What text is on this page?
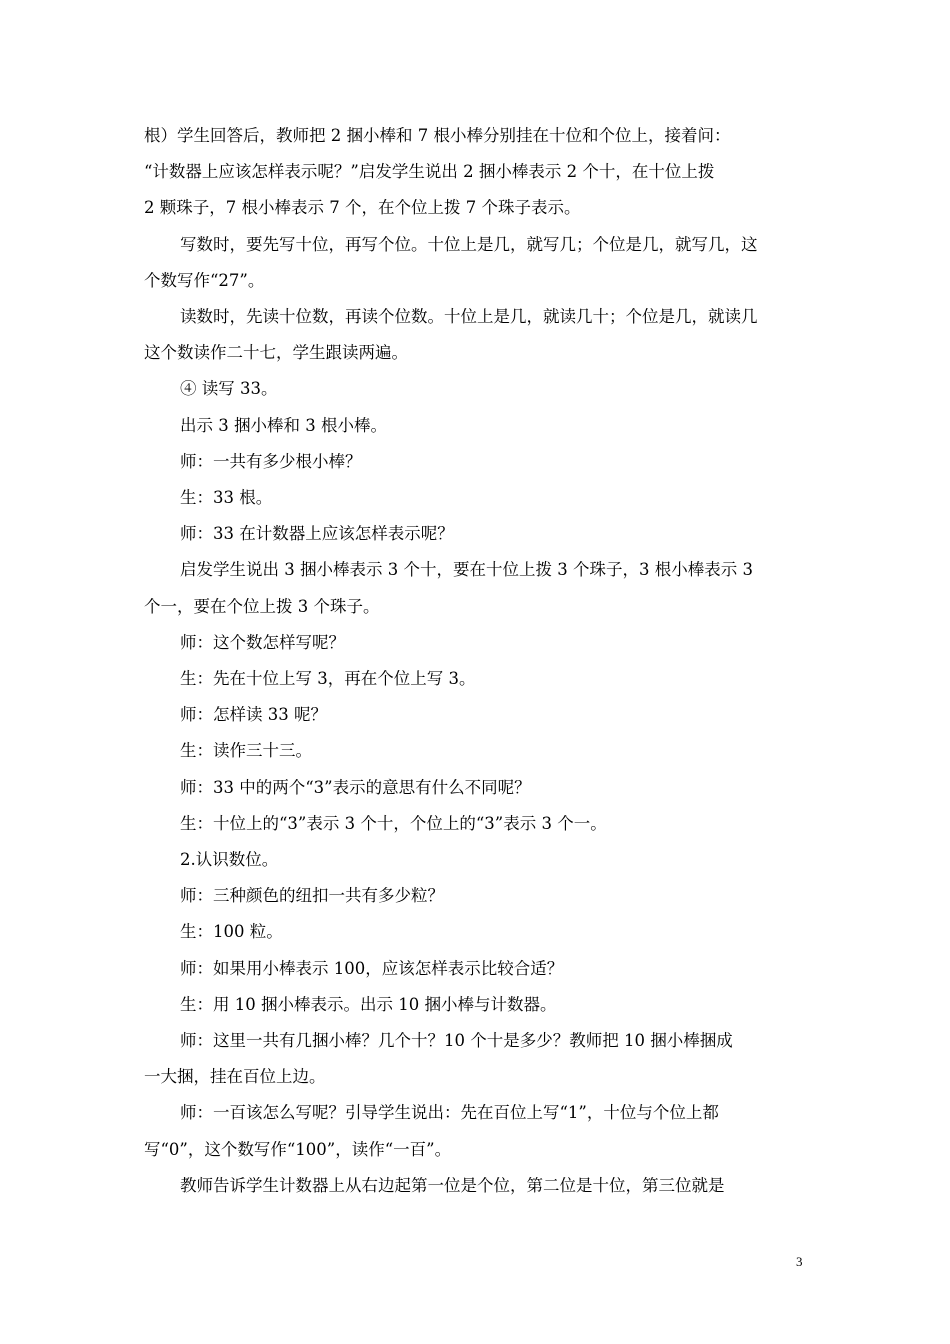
根）学生回答后，教师把 2 捆小棒和 7 根小棒分别挂在十位和个位上，接着问：

“计数器上应该怎样表示呢？”启发学生说出 2 捆小棒表示 2 个十，在十位上拨

2 颗珠子，7 根小棒表示 7 个，在个位上拨 7 个珠子表示。

写数时，要先写十位，再写个位。十位上是几，就写几；个位是几，就写几，这

个数写作“27”。

读数时，先读十位数，再读个位数。十位上是几，就读几十；个位是几，就读几

这个数读作二十七，学生跟读两遍。

④ 读写 33。

出示 3 捆小棒和 3 根小棒。

师：一共有多少根小棒？

生：33 根。

师：33 在计数器上应该怎样表示呢？

启发学生说出 3 捆小棒表示 3 个十，要在十位上拨 3 个珠子，3 根小棒表示 3

个一，要在个位上拨 3 个珠子。

师：这个数怎样写呢？

生：先在十位上写 3，再在个位上写 3。

师：怎样读 33 呢？

生：读作三十三。

师：33 中的两个“3”表示的意思有什么不同呢？

生：十位上的“3”表示 3 个十，个位上的“3”表示 3 个一。

2.认识数位。

师：三种颜色的纽扣一共有多少粒？

生：100 粒。

师：如果用小棒表示 100，应该怎样表示比较合适？

生：用 10 捆小棒表示。出示 10 捆小棒与计数器。

师：这里一共有几捆小棒？几个十？10 个十是多少？教师把 10 捆小棒捆成

一大捆，挂在百位上边。

师：一百该怎么写呢？引导学生说出：先在百位上写“1”，十位与个位上都

写“0”，这个数写作“100”，读作“一百”。

教师告诉学生计数器上从右边起第一位是个位，第二位是十位，第三位就是

3
